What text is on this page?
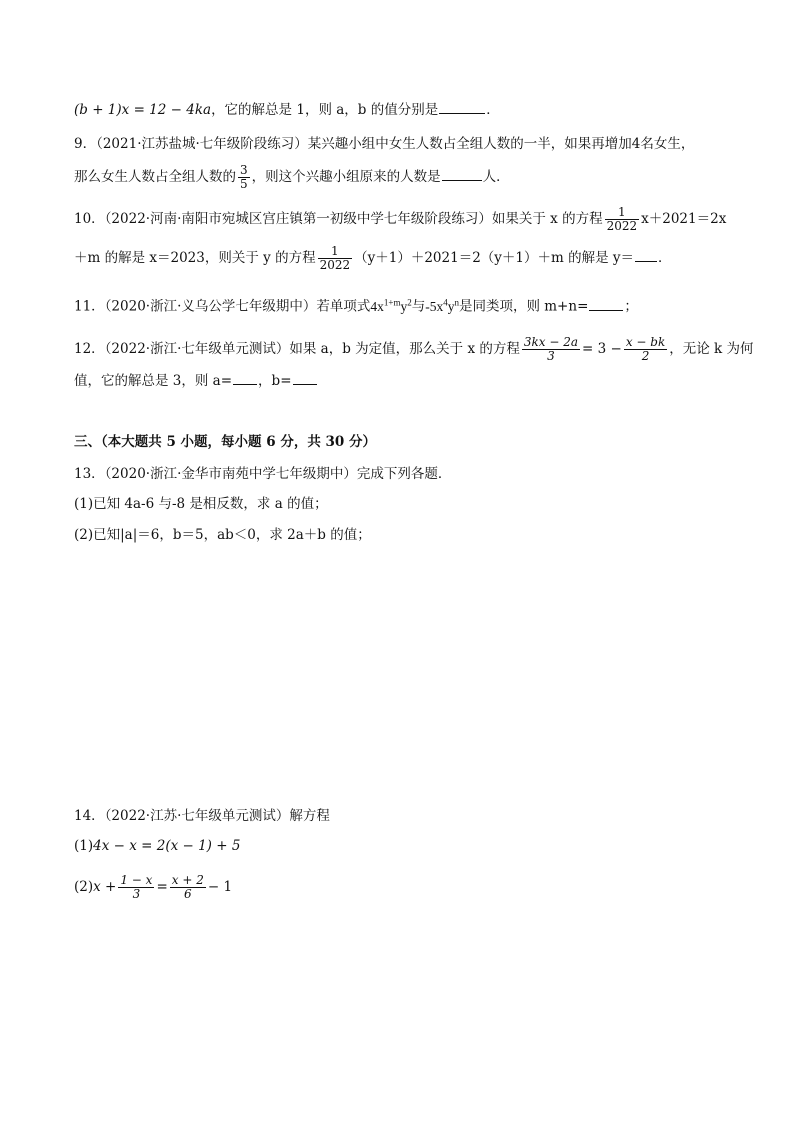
(b + 1)x = 12 − 4ka，它的解总是 1，则 a，b 的值分别是	．
9．（2021·江苏盐城·七年级阶段练习）某兴趣小组中女生人数占全组人数的一半，如果再增加4名女生，
那么女生人数占全组人数的 $\frac{3}{5}$ ，则这个兴趣小组原来的人数是	人．
10．（2022·河南·南阳市宛城区宫庄镇第一初级中学七年级阶段练习）如果关于 x 的方程 $\frac{1}{2022} x+2021=2x$
＋m 的解是 x＝2023，则关于 y 的方程 $\frac{1}{2022} (y+1)+2021=2(y+1)+m$ 的解是 y＝ ．
11．（2020·浙江·义乌公学七年级期中）若单项式$4x^{1+m}y^2$与$-5x^4y^n$是同类项，则 m+n=	；
12．（2022·浙江·七年级单元测试）如果 a，b 为定值，那么关于 x 的方程 $\frac{3kx - 2a}{3} = 3 - \frac{x - bk}{2}$ ，无论 k 为何
值，它的解总是 3，则 a= ，b=
三、（本大题共 5 小题，每小题 6 分，共 30 分）
13．（2020·浙江·金华市南苑中学七年级期中）完成下列各题．
(1)已知 4a-6 与-8 是相反数，求 a 的值；
(2)已知|a|＝6，b＝5，ab＜0，求 2a＋b 的值；
14．（2022·江苏·七年级单元测试）解方程
(1)4x − x = 2(x − 1) + 5
$(2)x + \frac{1 - x}{3} = \frac{x + 2}{6} - 1$
